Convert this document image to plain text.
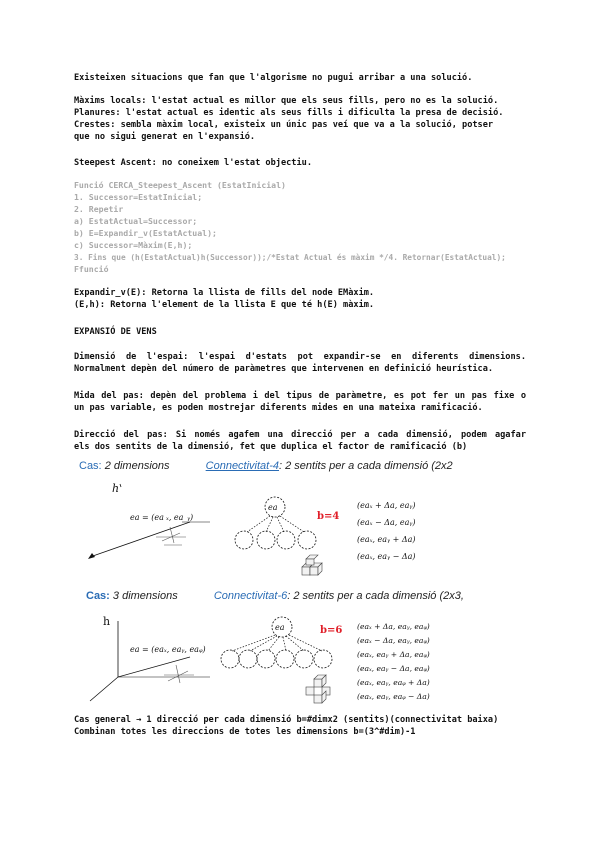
Existeixen situacions que fan que l'algorisme no pugui arribar a una solució.
Màxims locals: l'estat actual es millor que els seus fills, pero no es la solució.
Planures: l'estat actual es identic als seus fills i dificulta la presa de decisió.
Crestes: sembla màxim local, existeix un únic pas veí que va a la solució, potser
que no sigui generat en l'expansió.
Steepest Ascent: no coneixem l'estat objectiu.
Funció CERCA_Steepest_Ascent (EstatInicial)
1. Successor=EstatInicial;
2. Repetir
a) EstatActual=Successor;
b) E=Expandir_v(EstatActual);
c) Successor=Màxim(E,h);
3. Fins que (h(EstatActual)h(Successor));/*Estat Actual és màxim */4. Retornar(EstatActual);
Ffunció
Expandir_v(E): Retorna la llista de fills del node EMàxim.
(E,h): Retorna l'element de la llista E que té h(E) màxim.
EXPANSIÓ DE VENS
Dimensió de l'espai: l'espai d'estats pot expandir-se en diferents dimensions.
Normalment depèn del número de paràmetres que intervenen en definició heurística.
Mida del pas: depèn del problema i del tipus de paràmetre, es pot fer un pas fixe o
un pas variable, es poden mostrejar diferents mides en una mateixa ramificació.
Direcció del pas: Si només agafem una direcció per a cada dimensió, podem agafar
els dos sentits de la dimensió, fet que duplica el factor de ramificació (b)
Cas: 2 dimensions	Connectivitat-4: 2 sentits per a cada dimensió (2x2
h
ea = (ea ₓ, ea ᵧ)
ea
b=4
(eaₓ + Δa, eaᵧ)
(eaₓ − Δa, eaᵧ)
(eaₓ, eaᵧ + Δa)
(eaₓ, eaᵧ − Δa)
Cas: 3 dimensions	Connectivitat-6: 2 sentits per a cada dimensió (2x3,
h
ea = (eaₓ, eaᵧ, eaᵩ)
ea	b=6 (eaₓ + Δa, eaᵧ, eaᵩ)
(eaₓ − Δa, eaᵧ, eaᵩ)
(eaₓ, eaᵧ + Δa, eaᵩ)
(eaₓ, eaᵧ − Δa, eaᵩ)
(eaₓ, eaᵧ, eaᵩ + Δa)
(eaₓ, eaᵧ, eaᵩ − Δa)
Cas general → 1 direcció per cada dimensió b=#dimx2 (sentits)(connectivitat baixa)
Combinan totes les direccions de totes les dimensions b=(3^#dim)-1
